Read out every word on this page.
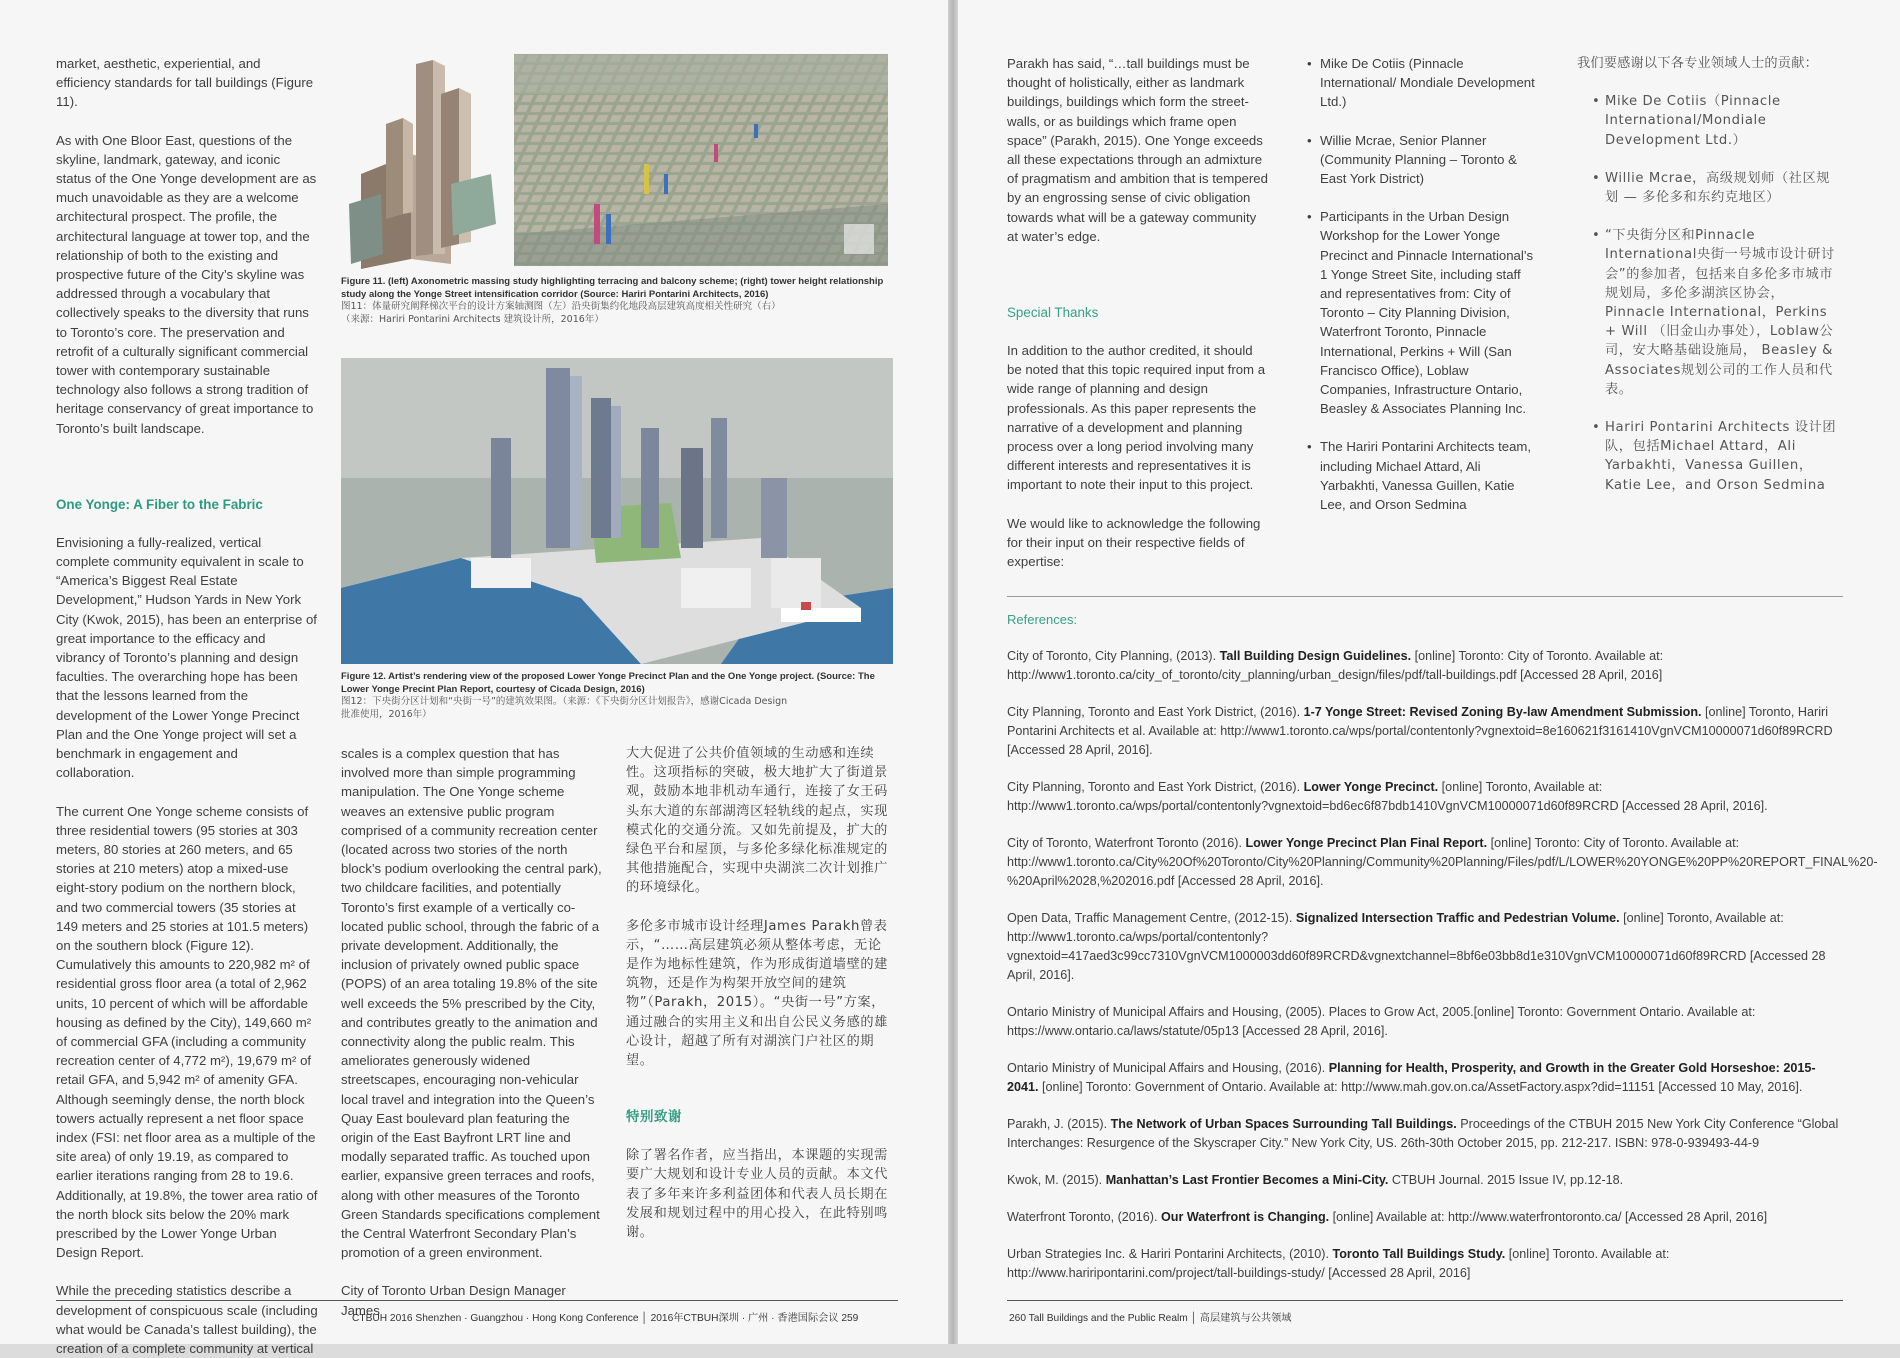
market, aesthetic, experiential, and efficiency standards for tall buildings (Figure 11).

As with One Bloor East, questions of the skyline, landmark, gateway, and iconic status of the One Yonge development are as much unavoidable as they are a welcome architectural prospect. The profile, the architectural language at tower top, and the relationship of both to the existing and prospective future of the City’s skyline was addressed through a vocabulary that collectively speaks to the diversity that runs to Toronto’s core. The preservation and retrofit of a culturally significant commercial tower with contemporary sustainable technology also follows a strong tradition of heritage conservancy of great importance to Toronto’s built landscape.

One Yonge: A Fiber to the Fabric

Envisioning a fully-realized, vertical complete community equivalent in scale to “America’s Biggest Real Estate Development,” Hudson Yards in New York City (Kwok, 2015), has been an enterprise of great importance to the efficacy and vibrancy of Toronto’s planning and design faculties. The overarching hope has been that the lessons learned from the development of the Lower Yonge Precinct Plan and the One Yonge project will set a benchmark in engagement and collaboration.

The current One Yonge scheme consists of three residential towers (95 stories at 303 meters, 80 stories at 260 meters, and 65 stories at 210 meters) atop a mixed-use eight-story podium on the northern block, and two commercial towers (35 stories at 149 meters and 25 stories at 101.5 meters) on the southern block (Figure 12). Cumulatively this amounts to 220,982 m² of residential gross floor area (a total of 2,962 units, 10 percent of which will be affordable housing as defined by the City), 149,660 m² of commercial GFA (including a community recreation center of 4,772 m²), 19,679 m² of retail GFA, and 5,942 m² of amenity GFA. Although seemingly dense, the north block towers actually represent a net floor space index (FSI: net floor area as a multiple of the site area) of only 19.19, as compared to earlier iterations ranging from 28 to 19.6. Additionally, at 19.8%, the tower area ratio of the north block sits below the 20% mark prescribed by the Lower Yonge Urban Design Report.

While the preceding statistics describe a development of conspicuous scale (including what would be Canada’s tallest building), the creation of a complete community at vertical

Figure 11. (left) Axonometric massing study highlighting terracing and balcony scheme; (right) tower height relationship study along the Yonge Street intensification corridor (Source: Hariri Pontarini Architects, 2016)
图11：体量研究阐释梯次平台的设计方案轴测图（左）沿央街集约化地段高层建筑高度相关性研究（右）
（来源：Hariri Pontarini Architects 建筑设计所，2016年）
Figure 12. Artist’s rendering view of the proposed Lower Yonge Precinct Plan and the One Yonge project. (Source: The Lower Yonge Precint Plan Report, courtesy of Cicada Design, 2016)
图12：下央街分区计划和“央街一号”的建筑效果图。（来源：《下央街分区计划报告》，感谢Cicada Design
批准使用，2016年）

scales is a complex question that has involved more than simple programming manipulation. The One Yonge scheme weaves an extensive public program comprised of a community recreation center (located across two stories of the north block’s podium overlooking the central park), two childcare facilities, and potentially Toronto’s first example of a vertically co-located public school, through the fabric of a private development. Additionally, the inclusion of privately owned public space (POPS) of an area totaling 19.8% of the site well exceeds the 5% prescribed by the City, and contributes greatly to the animation and connectivity along the public realm. This ameliorates generously widened streetscapes, encouraging non-vehicular local travel and integration into the Queen’s Quay East boulevard plan featuring the origin of the East Bayfront LRT line and modally separated traffic. As touched upon earlier, expansive green terraces and roofs, along with other measures of the Toronto Green Standards specifications complement the Central Waterfront Secondary Plan’s promotion of a green environment.

City of Toronto Urban Design Manager James

大大促进了公共价值领域的生动感和连续性。这项指标的突破，极大地扩大了街道景观，鼓励本地非机动车通行，连接了女王码头东大道的东部湖湾区轻轨线的起点，实现模式化的交通分流。又如先前提及，扩大的绿色平台和屋顶，与多伦多绿化标准规定的其他措施配合，实现中央湖滨二次计划推广的环境绿化。

多伦多市城市设计经理James Parakh曾表示，“……高层建筑必须从整体考虑，无论是作为地标性建筑，作为形成街道墙壁的建筑物，还是作为构架开放空间的建筑物”（Parakh，2015）。“央街一号”方案，通过融合的实用主义和出自公民义务感的雄心设计，超越了所有对湖滨门户社区的期望。

特别致谢

除了署名作者，应当指出，本课题的实现需要广大规划和设计专业人员的贡献。本文代表了多年来许多利益团体和代表人员长期在发展和规划过程中的用心投入，在此特别鸣谢。

CTBUH 2016 Shenzhen · Guangzhou · Hong Kong Conference │ 2016年CTBUH深圳 · 广州 · 香港国际会议 259

Parakh has said, “…tall buildings must be thought of holistically, either as landmark buildings, buildings which form the street-walls, or as buildings which frame open space” (Parakh, 2015). One Yonge exceeds all these expectations through an admixture of pragmatism and ambition that is tempered by an engrossing sense of civic obligation towards what will be a gateway community at water’s edge.

Special Thanks

In addition to the author credited, it should be noted that this topic required input from a wide range of planning and design professionals. As this paper represents the narrative of a development and planning process over a long period involving many different interests and representatives it is important to note their input to this project.

We would like to acknowledge the following for their input on their respective fields of expertise:

• Mike De Cotiis (Pinnacle International/ Mondiale Development Ltd.)
• Willie Mcrae, Senior Planner (Community Planning – Toronto & East York District)
• Participants in the Urban Design Workshop for the Lower Yonge Precinct and Pinnacle International’s 1 Yonge Street Site, including staff and representatives from: City of Toronto – City Planning Division, Waterfront Toronto, Pinnacle International, Perkins + Will (San Francisco Office), Loblaw Companies, Infrastructure Ontario, Beasley & Associates Planning Inc.
• The Hariri Pontarini Architects team, including Michael Attard, Ali Yarbakhti, Vanessa Guillen, Katie Lee, and Orson Sedmina

我们要感谢以下各专业领域人士的贡献：

• Mike De Cotiis（Pinnacle International/Mondiale Development Ltd.）
• Willie Mcrae，高级规划师（社区规划 — 多伦多和东约克地区）
• “下央街分区和Pinnacle International央街一号城市设计研讨会”的参加者，包括来自多伦多市城市规划局，多伦多湖滨区协会，Pinnacle International，Perkins + Will （旧金山办事处），Loblaw公司，安大略基础设施局， Beasley & Associates规划公司的工作人员和代表。
• Hariri Pontarini Architects 设计团队，包括Michael Attard，Ali Yarbakhti，Vanessa Guillen，Katie Lee，and Orson Sedmina

References:

City of Toronto, City Planning, (2013). Tall Building Design Guidelines. [online] Toronto: City of Toronto. Available at: http://www1.toronto.ca/city_of_toronto/city_planning/urban_design/files/pdf/tall-buildings.pdf [Accessed 28 April, 2016]

City Planning, Toronto and East York District, (2016). 1-7 Yonge Street: Revised Zoning By-law Amendment Submission. [online] Toronto, Hariri Pontarini Architects et al. Available at: http://www1.toronto.ca/wps/portal/contentonly?vgnextoid=8e160621f3161410VgnVCM10000071d60f89RCRD [Accessed 28 April, 2016].

City Planning, Toronto and East York District, (2016). Lower Yonge Precinct. [online] Toronto, Available at: http://www1.toronto.ca/wps/portal/contentonly?vgnextoid=bd6ec6f87bdb1410VgnVCM10000071d60f89RCRD [Accessed 28 April, 2016].

City of Toronto, Waterfront Toronto (2016). Lower Yonge Precinct Plan Final Report. [online] Toronto: City of Toronto. Available at: http://www1.toronto.ca/City%20Of%20Toronto/City%20Planning/Community%20Planning/Files/pdf/L/LOWER%20YONGE%20PP%20REPORT_FINAL%20-%20April%2028,%202016.pdf [Accessed 28 April, 2016].

Open Data, Traffic Management Centre, (2012-15). Signalized Intersection Traffic and Pedestrian Volume. [online] Toronto, Available at: http://www1.toronto.ca/wps/portal/contentonly?vgnextoid=417aed3c99cc7310VgnVCM1000003dd60f89RCRD&vgnextchannel=8bf6e03bb8d1e310VgnVCM10000071d60f89RCRD [Accessed 28 April, 2016].

Ontario Ministry of Municipal Affairs and Housing, (2005). Places to Grow Act, 2005.[online] Toronto: Government Ontario. Available at: https://www.ontario.ca/laws/statute/05p13 [Accessed 28 April, 2016].

Ontario Ministry of Municipal Affairs and Housing, (2016). Planning for Health, Prosperity, and Growth in the Greater Gold Horseshoe: 2015-2041. [online] Toronto: Government of Ontario. Available at: http://www.mah.gov.on.ca/AssetFactory.aspx?did=11151 [Accessed 10 May, 2016].

Parakh, J. (2015). The Network of Urban Spaces Surrounding Tall Buildings. Proceedings of the CTBUH 2015 New York City Conference “Global Interchanges: Resurgence of the Skyscraper City.” New York City, US. 26th-30th October 2015, pp. 212-217. ISBN: 978-0-939493-44-9

Kwok, M. (2015). Manhattan’s Last Frontier Becomes a Mini-City. CTBUH Journal. 2015 Issue IV, pp.12-18.

Waterfront Toronto, (2016). Our Waterfront is Changing. [online] Available at: http://www.waterfrontoronto.ca/ [Accessed 28 April, 2016]

Urban Strategies Inc. & Hariri Pontarini Architects, (2010). Toronto Tall Buildings Study. [online] Toronto. Available at: http://www.hariripontarini.com/project/tall-buildings-study/ [Accessed 28 April, 2016]

260 Tall Buildings and the Public Realm │ 高层建筑与公共领域
